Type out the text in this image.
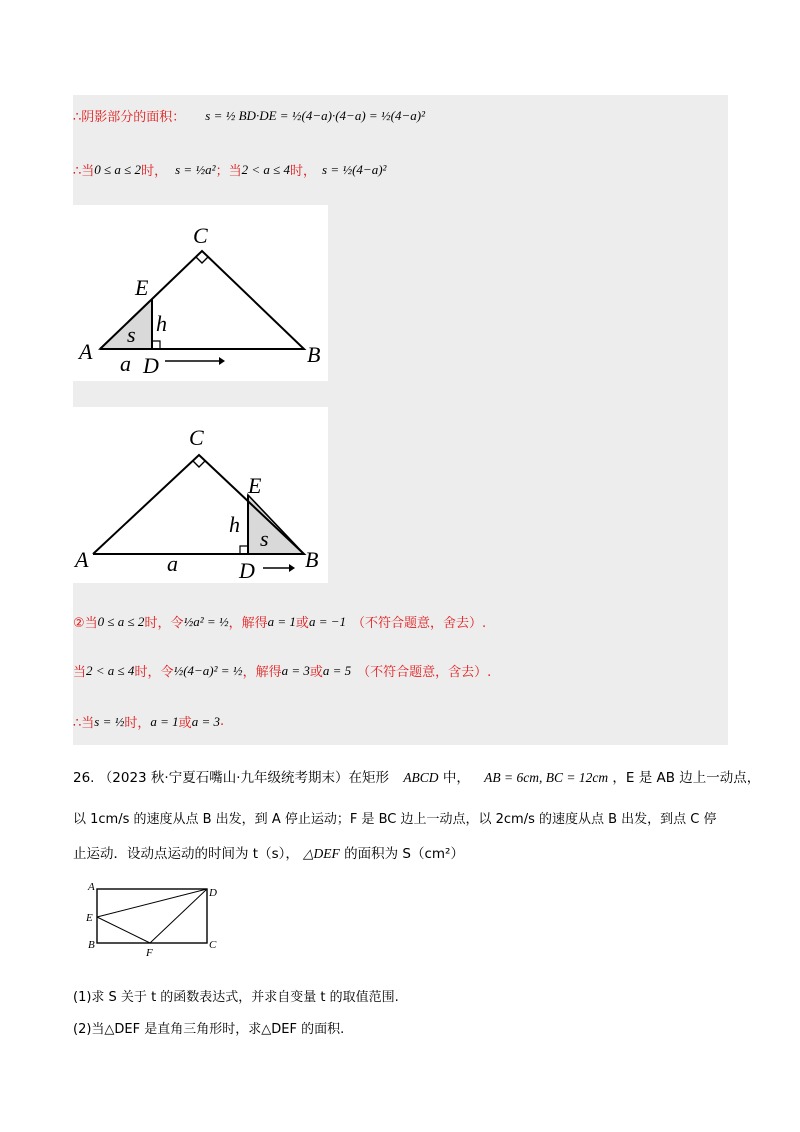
∴阴影部分的面积： s = ½ BD·DE = ½(4−a)·(4−a) = ½(4−a)²
∴当 0 ≤ a ≤ 2 时， s = ½a² ；当 2 < a ≤ 4 时， s = ½(4−a)²
C
E
h
s
A a D	B
C
E
h
s
A	a	D B
②当 0 ≤ a ≤ 2 时，令 ½a² = ½ ，解得 a = 1 或 a = −1 （不符合题意，舍去）.
当 2 < a ≤ 4 时，令 ½(4−a)² = ½ ，解得 a = 3 或 a = 5 （不符合题意，含去）.
∴当 s = ½ 时， a = 1 或 a = 3 .
26. （2023 秋·宁夏石嘴山·九年级统考期末）在矩形 ABCD 中， AB = 6cm, BC = 12cm ，E 是 AB 边上一动点，
以 1cm/s 的速度从点 B 出发，到 A 停止运动；F 是 BC 边上一动点，以 2cm/s 的速度从点 B 出发，到点 C 停
止运动．设动点运动的时间为 t（s）， △DEF 的面积为 S（cm²）
A	D
E
B
F
C
(1)求 S 关于 t 的函数表达式，并求自变量 t 的取值范围.
(2)当△DEF 是直角三角形时，求△DEF 的面积.
